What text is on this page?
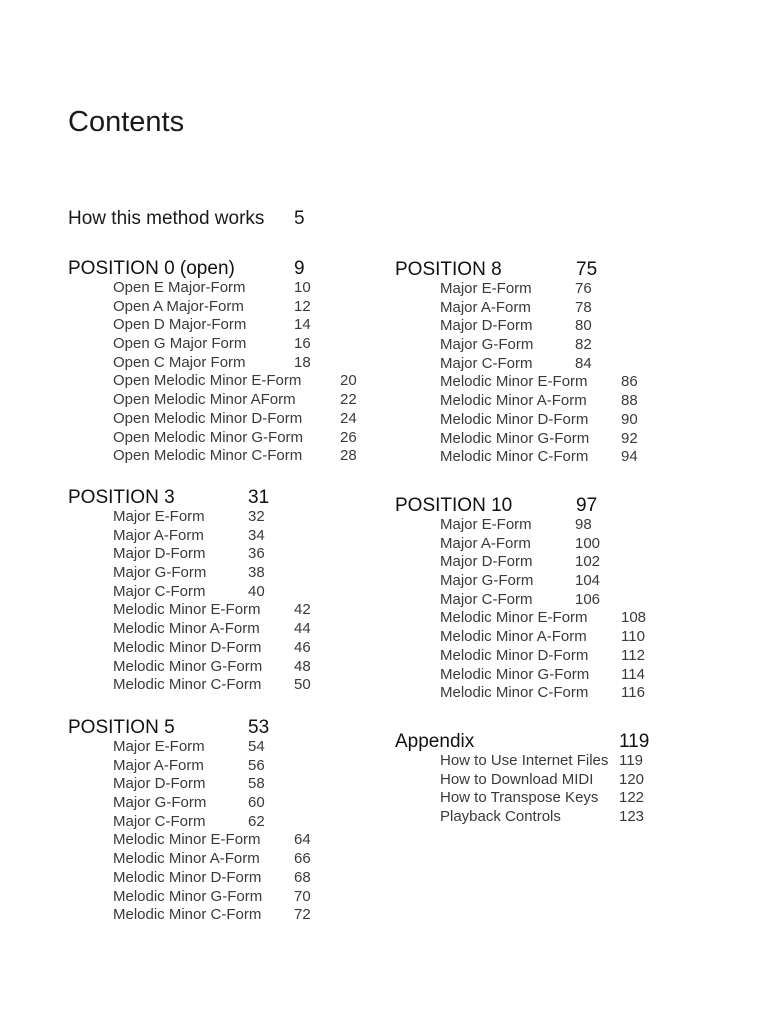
Contents
How this method works 5
POSITION 0 (open)	9
Open E Major-Form	10
Open A Major-Form	12
Open D Major-Form	14
Open G Major Form	16
Open C Major Form	18
Open Melodic Minor E-Form	20
Open Melodic Minor AForm	22
Open Melodic Minor D-Form	24
Open Melodic Minor G-Form 26
Open Melodic Minor C-Form	28
POSITION 3	31
Major E-Form	32
Major A-Form	34
Major D-Form	36
Major G-Form	38
Major C-Form	40
Melodic Minor E-Form 42
Melodic Minor A-Form 44
Melodic Minor D-Form 46
Melodic Minor G-Form 48
Melodic Minor C-Form 50
POSITION 5	53
Major E-Form	54
Major A-Form	56
Major D-Form	58
Major G-Form	60
Major C-Form	62
Melodic Minor E-Form 64
Melodic Minor A-Form 66
Melodic Minor D-Form 68
Melodic Minor G-Form 70
Melodic Minor C-Form 72
POSITION 8	75
Major E-Form	76
Major A-Form	78
Major D-Form	80
Major G-Form	82
Major C-Form	84
Melodic Minor E-Form 86
Melodic Minor A-Form 88
Melodic Minor D-Form 90
Melodic Minor G-Form 92
Melodic Minor C-Form 94
POSITION 10	97
Major E-Form	98
Major A-Form	100
Major D-Form	102
Major G-Form	104
Major C-Form	106
Melodic Minor E-Form 108
Melodic Minor A-Form 110
Melodic Minor D-Form 112
Melodic Minor G-Form 114
Melodic Minor C-Form 116
Appendix	119
How to Use Internet Files 119
How to Download MIDI 120
How to Transpose Keys 122
Playback Controls	123
